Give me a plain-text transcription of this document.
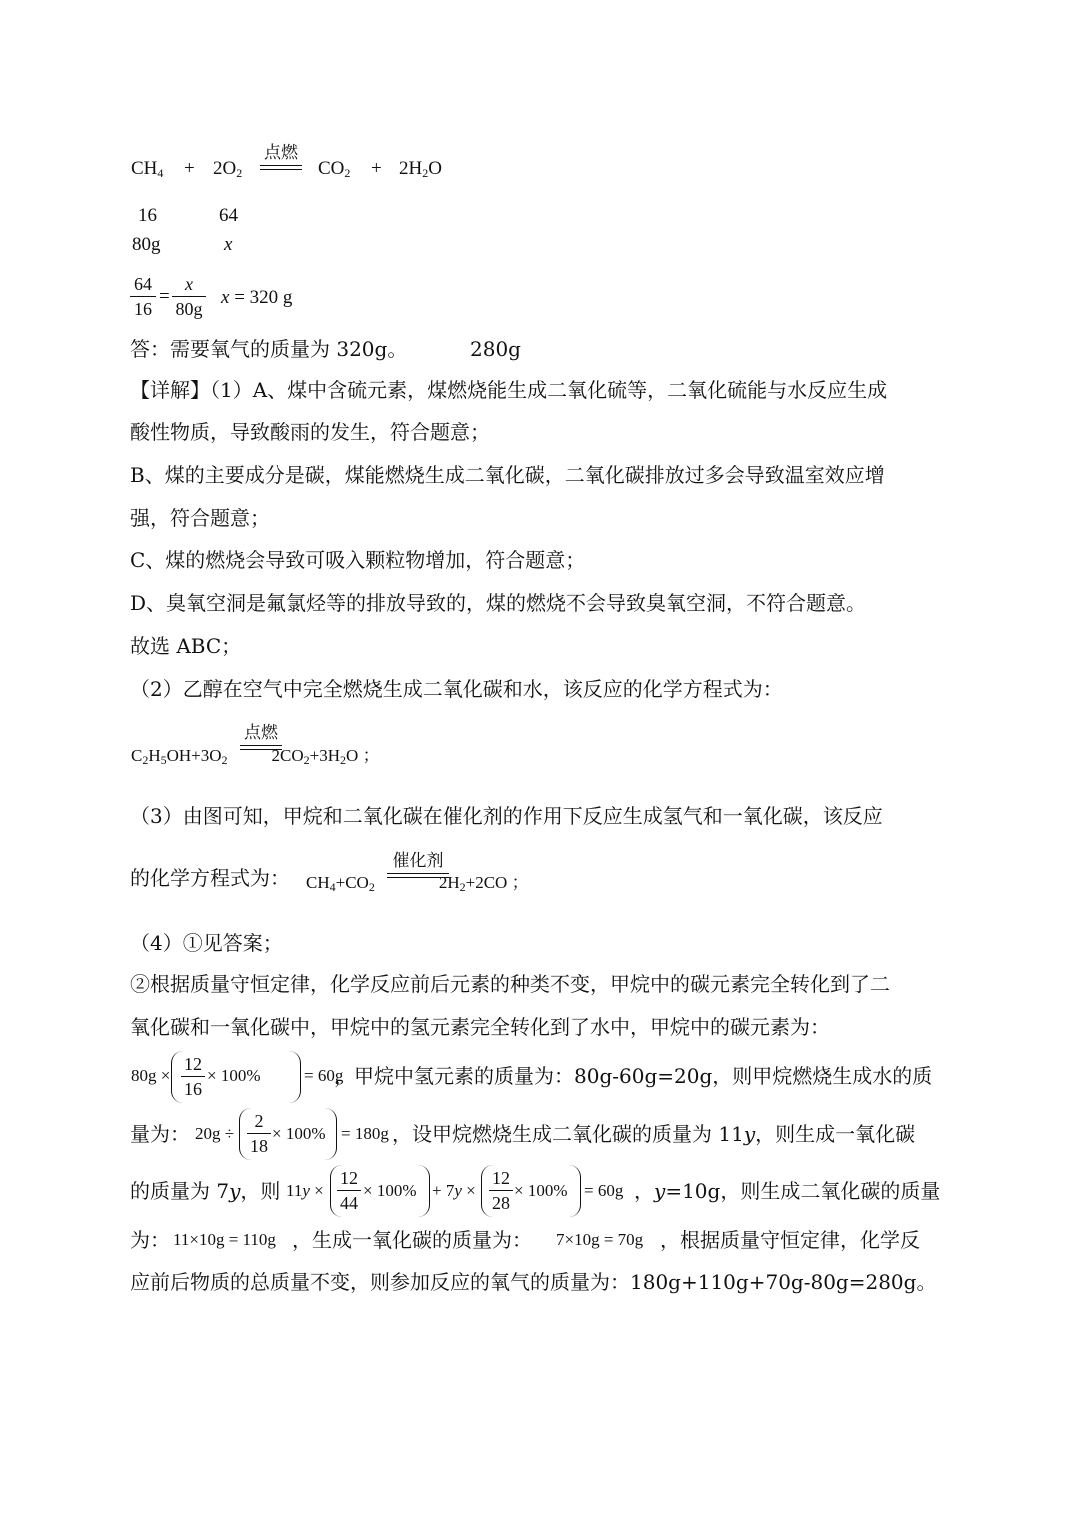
$CH_4 + 2O_2$
点燃
$CO_2 + 2H_2O$
16	64
80g	x
64
16
=
x
80g
x = 320 g
答：需要氧气的质量为 320g。	280g
【详解】（1）A、煤中含硫元素，煤燃烧能生成二氧化硫等，二氧化硫能与水反应生成
酸性物质，导致酸雨的发生，符合题意；
B、煤的主要成分是碳，煤能燃烧生成二氧化碳，二氧化碳排放过多会导致温室效应增
强，符合题意；
C、煤的燃烧会导致可吸入颗粒物增加，符合题意；
D、臭氧空洞是氟氯烃等的排放导致的，煤的燃烧不会导致臭氧空洞，不符合题意。
故选 ABC；
（2）乙醇在空气中完全燃烧生成二氧化碳和水，该反应的化学方程式为：
$C_2H_5OH+3O_2$	$2CO_2+3H_2O$ ；
点燃
（3）由图可知，甲烷和二氧化碳在催化剂的作用下反应生成氢气和一氧化碳，该反应
的化学方程式为： $CH_4+CO_2$	$2H_2+2CO$ ；
催化剂
（4）①见答案；
②根据质量守恒定律，化学反应前后元素的种类不变，甲烷中的碳元素完全转化到了二
氧化碳和一氧化碳中，甲烷中的氢元素完全转化到了水中，甲烷中的碳元素为：
80g ×
12
16
× 100%	= 60g
，甲烷中氢元素的质量为：80g-60g=20g，则甲烷燃烧生成水的质
量为： 20g ÷
2
18
× 100% = 180g ，设甲烷燃烧生成二氧化碳的质量为 11y，则生成一氧化碳
的质量为 7y，则 11y ×
12
44
× 100% + 7y ×
12
28
× 100% = 60g ，y=10g，则生成二氧化碳的质量
为： 11×10g = 110g ，生成一氧化碳的质量为： 7×10g = 70g ，根据质量守恒定律，化学反
应前后物质的总质量不变，则参加反应的氧气的质量为：180g+110g+70g-80g=280g。
